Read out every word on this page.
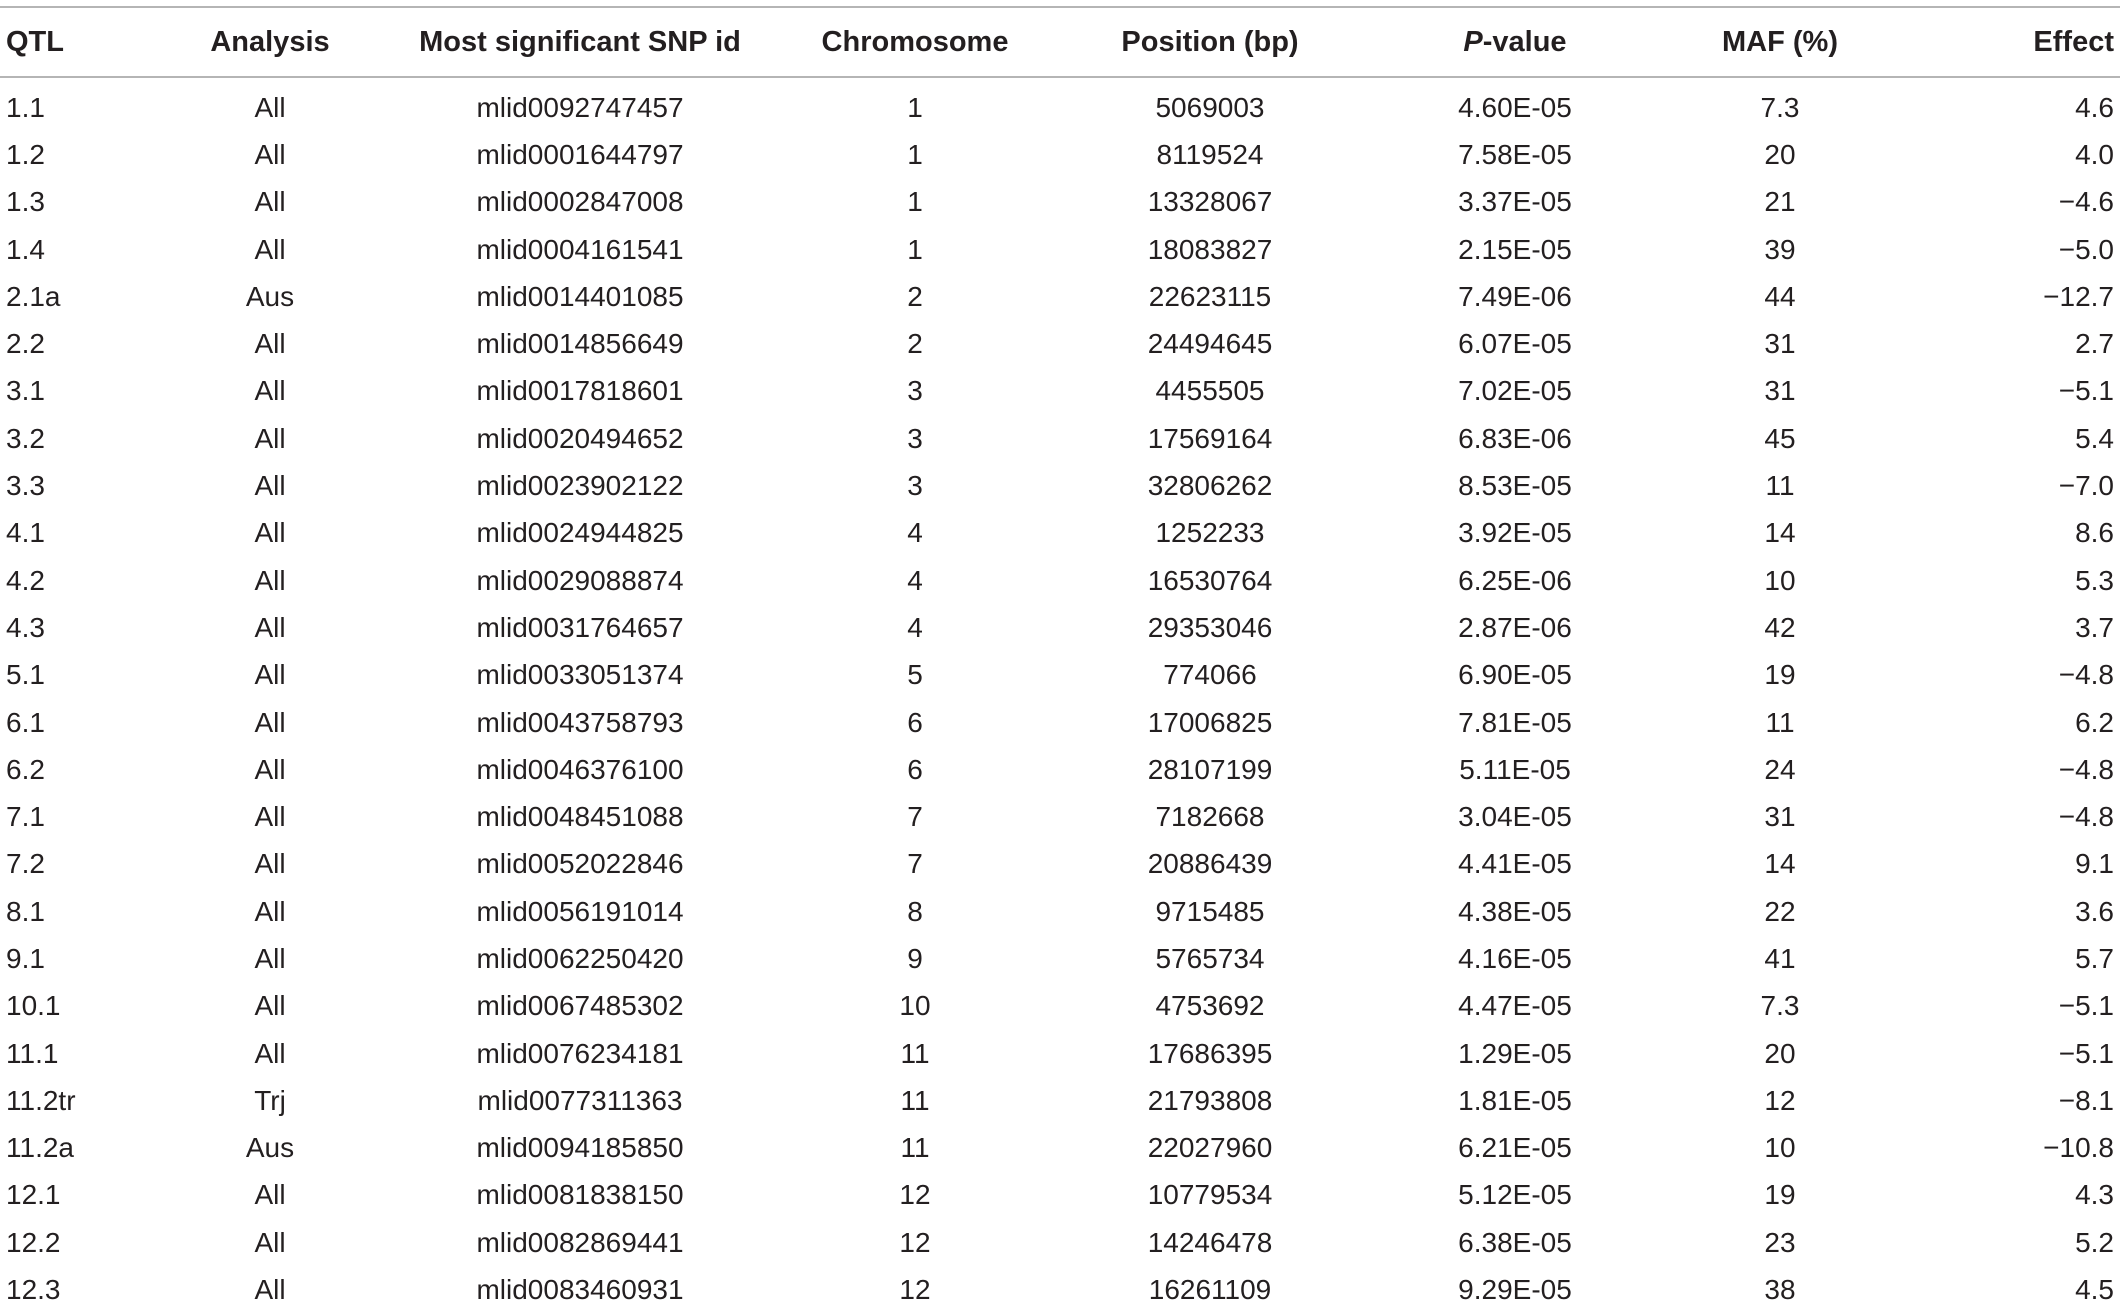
QTL	Analysis	Most significant SNP id	Chromosome	Position (bp)	P-value	MAF (%)	Effect
1.1	All	mlid0092747457	1	5069003	4.60E-05	7.3	4.6
1.2	All	mlid0001644797	1	8119524	7.58E-05	20	4.0
1.3	All	mlid0002847008	1	13328067	3.37E-05	21	−4.6
1.4	All	mlid0004161541	1	18083827	2.15E-05	39	−5.0
2.1a	Aus	mlid0014401085	2	22623115	7.49E-06	44	−12.7
2.2	All	mlid0014856649	2	24494645	6.07E-05	31	2.7
3.1	All	mlid0017818601	3	4455505	7.02E-05	31	−5.1
3.2	All	mlid0020494652	3	17569164	6.83E-06	45	5.4
3.3	All	mlid0023902122	3	32806262	8.53E-05	11	−7.0
4.1	All	mlid0024944825	4	1252233	3.92E-05	14	8.6
4.2	All	mlid0029088874	4	16530764	6.25E-06	10	5.3
4.3	All	mlid0031764657	4	29353046	2.87E-06	42	3.7
5.1	All	mlid0033051374	5	774066	6.90E-05	19	−4.8
6.1	All	mlid0043758793	6	17006825	7.81E-05	11	6.2
6.2	All	mlid0046376100	6	28107199	5.11E-05	24	−4.8
7.1	All	mlid0048451088	7	7182668	3.04E-05	31	−4.8
7.2	All	mlid0052022846	7	20886439	4.41E-05	14	9.1
8.1	All	mlid0056191014	8	9715485	4.38E-05	22	3.6
9.1	All	mlid0062250420	9	5765734	4.16E-05	41	5.7
10.1	All	mlid0067485302	10	4753692	4.47E-05	7.3	−5.1
11.1	All	mlid0076234181	11	17686395	1.29E-05	20	−5.1
11.2tr	Trj	mlid0077311363	11	21793808	1.81E-05	12	−8.1
11.2a	Aus	mlid0094185850	11	22027960	6.21E-05	10	−10.8
12.1	All	mlid0081838150	12	10779534	5.12E-05	19	4.3
12.2	All	mlid0082869441	12	14246478	6.38E-05	23	5.2
12.3	All	mlid0083460931	12	16261109	9.29E-05	38	4.5
